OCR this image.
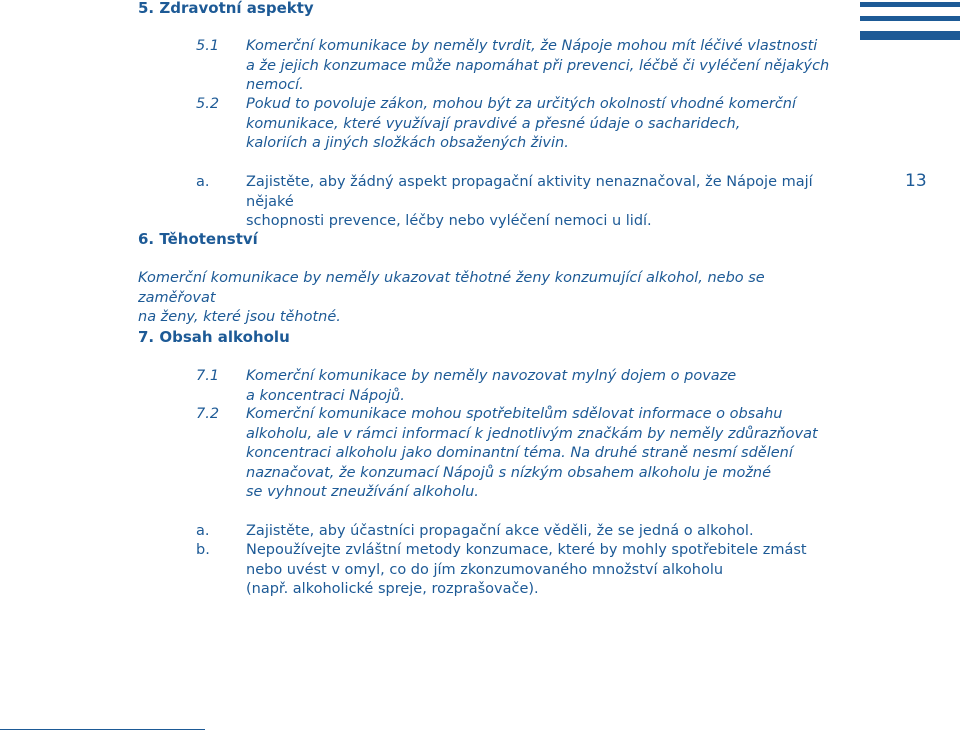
13
5. Zdravotní aspekty
5.1 Komerční komunikace by neměly tvrdit, že Nápoje mohou mít léčivé vlastnosti
a že jejich konzumace může napomáhat při prevenci, léčbě či vyléčení nějakých
nemocí.
5.2 Pokud to povoluje zákon, mohou být za určitých okolností vhodné komerční
komunikace, které využívají pravdivé a přesné údaje o sacharidech,
kaloriích a jiných složkách obsažených živin.
a.	Zajistěte, aby žádný aspekt propagační aktivity nenaznačoval, že Nápoje mají nějaké
schopnosti prevence, léčby nebo vyléčení nemoci u lidí.
6. Těhotenství
Komerční komunikace by neměly ukazovat těhotné ženy konzumující alkohol, nebo se zaměřovat
na ženy, které jsou těhotné.
7. Obsah alkoholu
7.1 Komerční komunikace by neměly navozovat mylný dojem o povaze
a koncentraci Nápojů.
7.2 Komerční komunikace mohou spotřebitelům sdělovat informace o obsahu
alkoholu, ale v rámci informací k jednotlivým značkám by neměly zdůrazňovat
koncentraci alkoholu jako dominantní téma. Na druhé straně nesmí sdělení
naznačovat, že konzumací Nápojů s nízkým obsahem alkoholu je možné
se vyhnout zneužívání alkoholu.
a.	Zajistěte, aby účastníci propagační akce věděli, že se jedná o alkohol.
b. Nepoužívejte zvláštní metody konzumace, které by mohly spotřebitele zmást
nebo uvést v omyl, co do jím zkonzumovaného množství alkoholu
(např. alkoholické spreje, rozprašovače).
